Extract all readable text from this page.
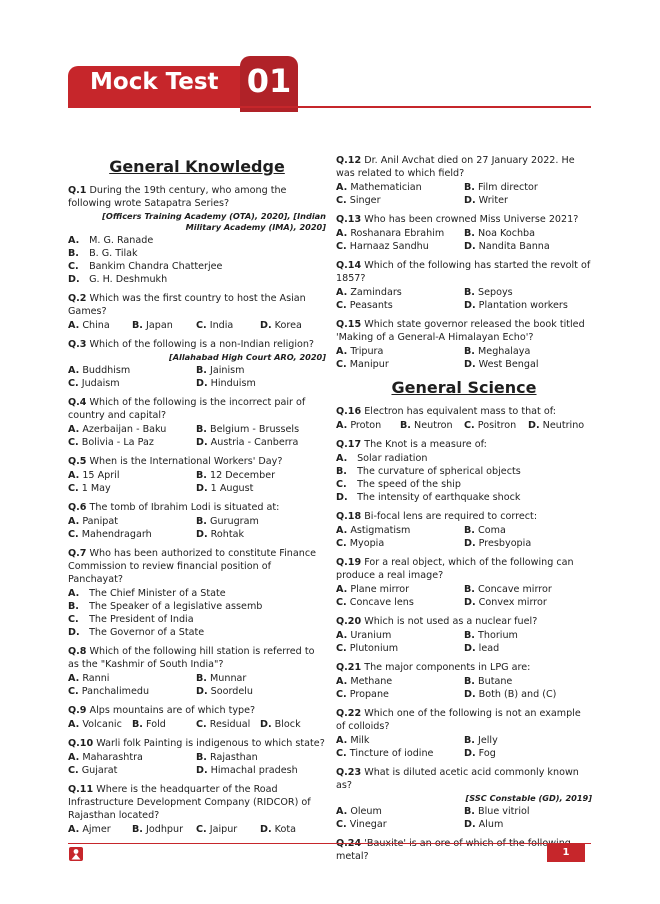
Mock Test 01
General Knowledge
Q.1 During the 19th century, who among the following wrote Satapatra Series?
[Officers Training Academy (OTA), 2020], [Indian Military Academy (IMA), 2020]
A. M. G. Ranade
B. B. G. Tilak
C. Bankim Chandra Chatterjee
D. G. H. Deshmukh
Q.2 Which was the first country to host the Asian Games?
A. China	B. Japan	C. India	D. Korea
Q.3 Which of the following is a non-Indian religion?
[Allahabad High Court ARO, 2020]
A. Buddhism	B. Jainism
C. Judaism	D. Hinduism
Q.4 Which of the following is the incorrect pair of country and capital?
A. Azerbaijan - Baku	B. Belgium - Brussels
C. Bolivia - La Paz	D. Austria - Canberra
Q.5 When is the International Workers' Day?
A. 15 April	B. 12 December
C. 1 May	D. 1 August
Q.6 The tomb of Ibrahim Lodi is situated at:
A. Panipat	B. Gurugram
C. Mahendragarh	D. Rohtak
Q.7 Who has been authorized to constitute Finance Commission to review financial position of Panchayat?
A. The Chief Minister of a State
B. The Speaker of a legislative assemb
C. The President of India
D. The Governor of a State
Q.8 Which of the following hill station is referred to as the "Kashmir of South India"?
A. Ranni	B. Munnar
C. Panchalimedu	D. Soordelu
Q.9 Alps mountains are of which type?
A. Volcanic	B. Fold	C. Residual	D. Block
Q.10 Warli folk Painting is indigenous to which state?
A. Maharashtra	B. Rajasthan
C. Gujarat	D. Himachal pradesh
Q.11 Where is the headquarter of the Road Infrastructure Development Company (RIDCOR) of Rajasthan located?
A. Ajmer	B. Jodhpur	C. Jaipur	D. Kota
Q.12 Dr. Anil Avchat died on 27 January 2022. He was related to which field?
A. Mathematician	B. Film director
C. Singer	D. Writer
Q.13 Who has been crowned Miss Universe 2021?
A. Roshanara Ebrahim	B. Noa Kochba
C. Harnaaz Sandhu	D. Nandita Banna
Q.14 Which of the following has started the revolt of 1857?
A. Zamindars	B. Sepoys
C. Peasants	D. Plantation workers
Q.15 Which state governor released the book titled 'Making of a General-A Himalayan Echo'?
A. Tripura	B. Meghalaya
C. Manipur	D. West Bengal
General Science
Q.16 Electron has equivalent mass to that of:
A. Proton	B. Neutron	C. Positron	D. Neutrino
Q.17 The Knot is a measure of:
A. Solar radiation
B. The curvature of spherical objects
C. The speed of the ship
D. The intensity of earthquake shock
Q.18 Bi-focal lens are required to correct:
A. Astigmatism	B. Coma
C. Myopia	D. Presbyopia
Q.19 For a real object, which of the following can produce a real image?
A. Plane mirror	B. Concave mirror
C. Concave lens	D. Convex mirror
Q.20 Which is not used as a nuclear fuel?
A. Uranium	B. Thorium
C. Plutonium	D. lead
Q.21 The major components in LPG are:
A. Methane	B. Butane
C. Propane	D. Both (B) and (C)
Q.22 Which one of the following is not an example of colloids?
A. Milk	B. Jelly
C. Tincture of iodine	D. Fog
Q.23 What is diluted acetic acid commonly known as?
[SSC Constable (GD), 2019]
A. Oleum	B. Blue vitriol
C. Vinegar	D. Alum
metal?	1
